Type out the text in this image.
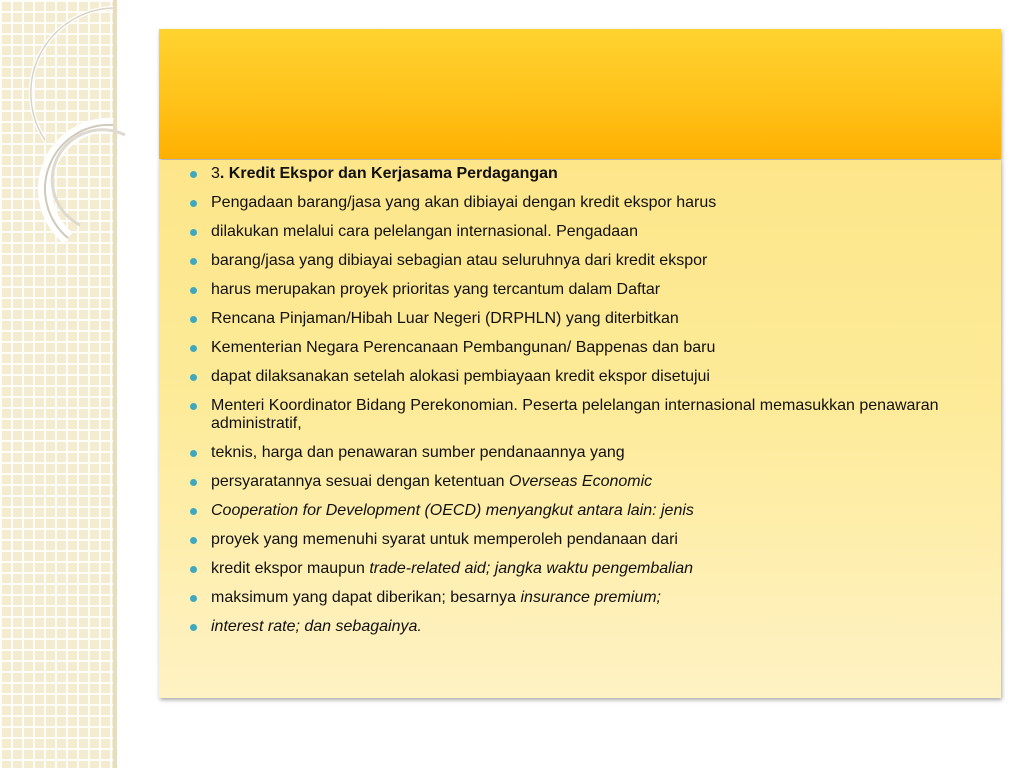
3. Kredit Ekspor dan Kerjasama Perdagangan
Pengadaan barang/jasa yang akan dibiayai dengan kredit ekspor harus
dilakukan melalui cara pelelangan internasional. Pengadaan
barang/jasa yang dibiayai sebagian atau seluruhnya dari kredit ekspor
harus merupakan proyek prioritas yang tercantum dalam Daftar
Rencana Pinjaman/Hibah Luar Negeri (DRPHLN) yang diterbitkan
Kementerian Negara Perencanaan Pembangunan/ Bappenas dan baru
dapat dilaksanakan setelah alokasi pembiayaan kredit ekspor disetujui
Menteri Koordinator Bidang Perekonomian. Peserta pelelangan internasional memasukkan penawaran administratif,
teknis, harga dan penawaran sumber pendanaannya yang
persyaratannya sesuai dengan ketentuan Overseas Economic
Cooperation for Development (OECD) menyangkut antara lain: jenis
proyek yang memenuhi syarat untuk memperoleh pendanaan dari
kredit ekspor maupun trade-related aid; jangka waktu pengembalian
maksimum yang dapat diberikan; besarnya insurance premium;
interest rate; dan sebagainya.
